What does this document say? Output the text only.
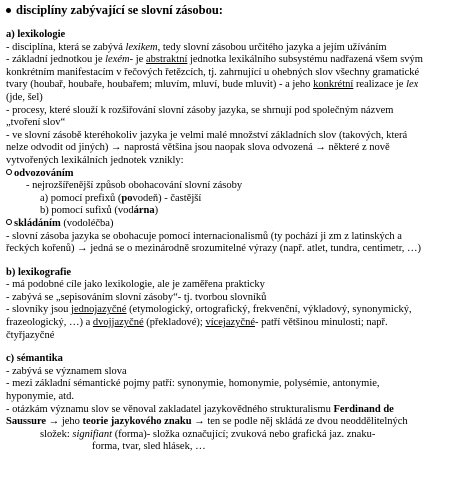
disciplíny zabývající se slovní zásobou:
a) lexikologie
- disciplína, která se zabývá lexikem, tedy slovní zásobou určitého jazyka a jejím užíváním
- základní jednotkou je lexém- je abstraktní jednotka lexikálního subsystému nadřazená všem svým
konkrétním manifestacím v řečových řetězcích, tj. zahrnující u ohebných slov všechny gramatické
tvary (houbař, houbaře, houbařem; mluvím, mluví, bude mluvit) - a jeho konkrétní realizace je lex
(jde, šel)
- procesy, které slouží k rozšiřování slovní zásoby jazyka, se shrnují pod společným názvem
„tvoření slov“
- ve slovní zásobě kteréhokoliv jazyka je velmi malé množství základních slov (takových, která
nelze odvodit od jiných) → naprostá většina jsou naopak slova odvozená → některé z nově
vytvořených lexikálních jednotek vznikly:
odvozováním
- nejrozšířenější způsob obohacování slovní zásoby
a) pomocí prefixů (povodeň) - častější
b) pomocí sufixů (vodárna)
skládáním (vodoléčba)
- slovní zásoba jazyka se obohacuje pomocí internacionalismů (ty pochází ji zm z latinských a
řeckých kořenů) → jedná se o mezinárodně srozumitelné výrazy (např. atlet, tundra, centimetr, …)
b) lexikografie
- má podobné cíle jako lexikologie, ale je zaměřena prakticky
- zabývá se „sepisováním slovní zásoby“- tj. tvorbou slovníků
- slovníky jsou jednojazyčné (etymologický, ortografický, frekvenční, výkladový, synonymický,
frazeologický, …) a dvojjazyčné (překladové); vícejazyčné- patří většinou minulosti; např.
čtyřjazyčné
c) sémantika
- zabývá se významem slova
- mezi základní sémantické pojmy patří: synonymie, homonymie, polysémie, antonymie,
hyponymie, atd.
- otázkám významu slov se věnoval zakladatel jazykovědného strukturalismu Ferdinand de
Saussure → jeho teorie jazykového znaku → ten se podle něj skládá ze dvou neoddělitelných
složek: signifiant (forma)- složka označující; zvuková nebo grafická jaz. znaku-
forma, tvar, sled hlásek, …
